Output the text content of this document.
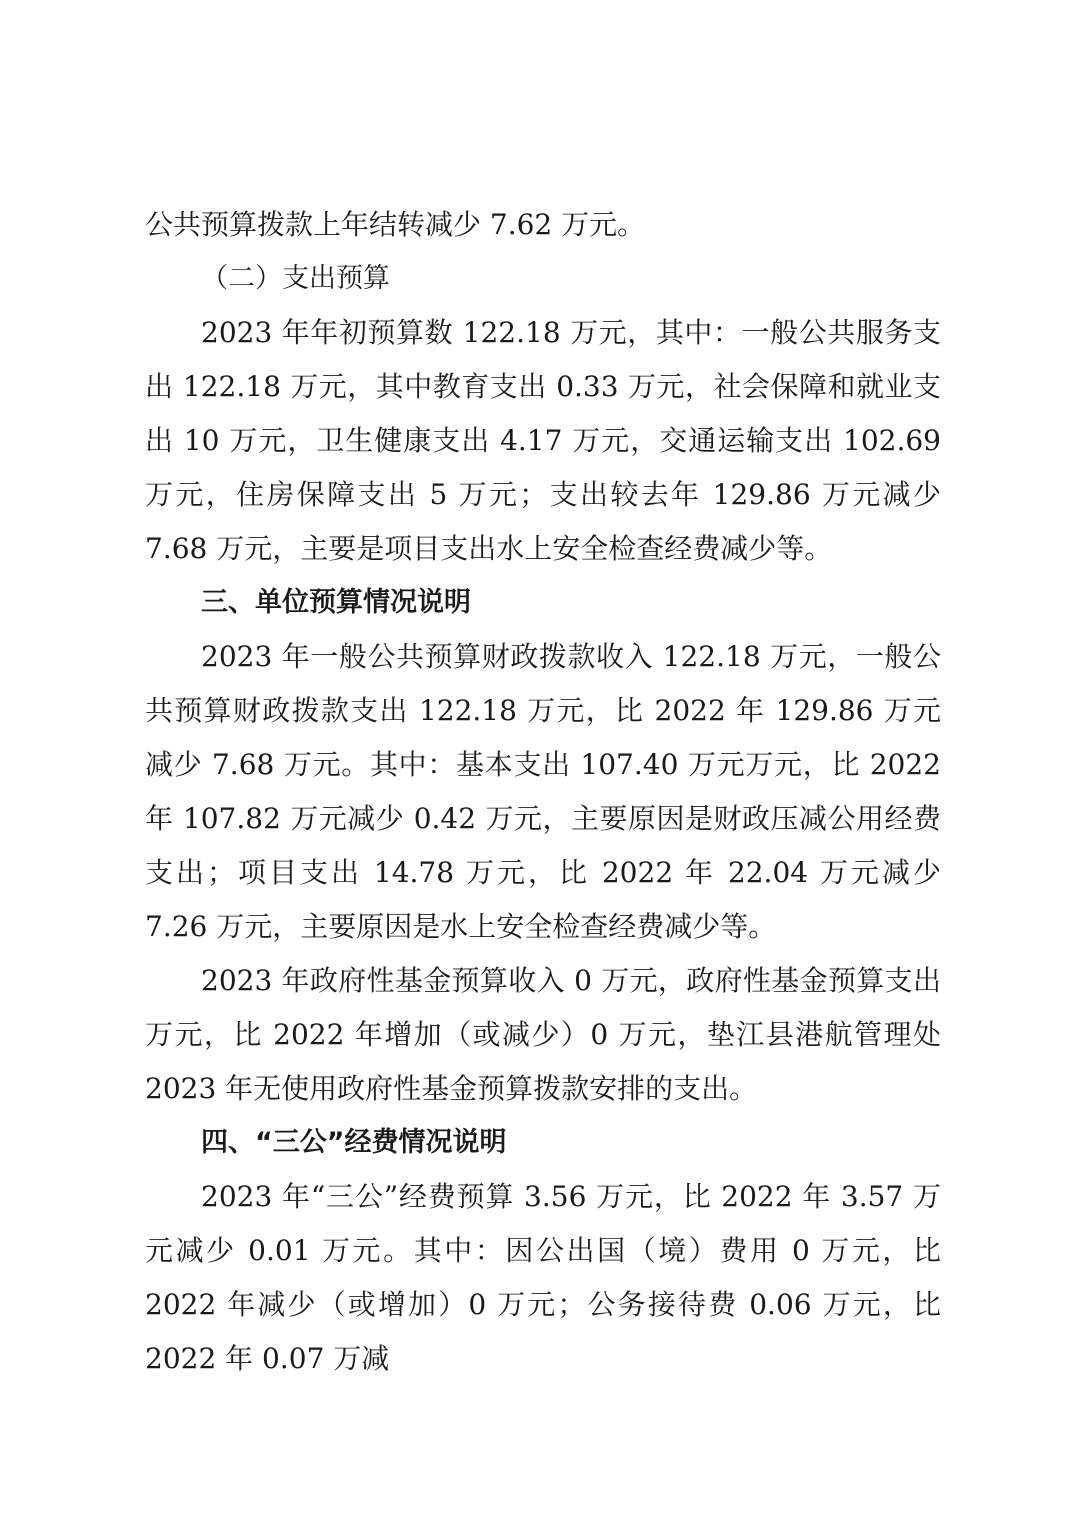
公共预算拨款上年结转减少 7.62 万元。

（二）支出预算

2023 年年初预算数 122.18 万元，其中：一般公共服务支出 122.18 万元，其中教育支出 0.33 万元，社会保障和就业支出 10 万元，卫生健康支出 4.17 万元，交通运输支出 102.69 万元，住房保障支出 5 万元；支出较去年 129.86 万元减少 7.68 万元，主要是项目支出水上安全检查经费减少等。

三、单位预算情况说明

2023 年一般公共预算财政拨款收入 122.18 万元，一般公共预算财政拨款支出 122.18 万元，比 2022 年 129.86 万元减少 7.68 万元。其中：基本支出 107.40 万元万元，比 2022 年 107.82 万元减少 0.42 万元，主要原因是财政压减公用经费支出；项目支出 14.78 万元，比 2022 年 22.04 万元减少 7.26 万元，主要原因是水上安全检查经费减少等。

2023 年政府性基金预算收入 0 万元，政府性基金预算支出万元，比 2022 年增加（或减少）0 万元，垫江县港航管理处 2023 年无使用政府性基金预算拨款安排的支出。

四、“三公”经费情况说明

2023 年“三公”经费预算 3.56 万元，比 2022 年 3.57 万元减少 0.01 万元。其中：因公出国（境）费用 0 万元，比 2022 年减少（或增加）0 万元；公务接待费 0.06 万元，比 2022 年 0.07 万减
